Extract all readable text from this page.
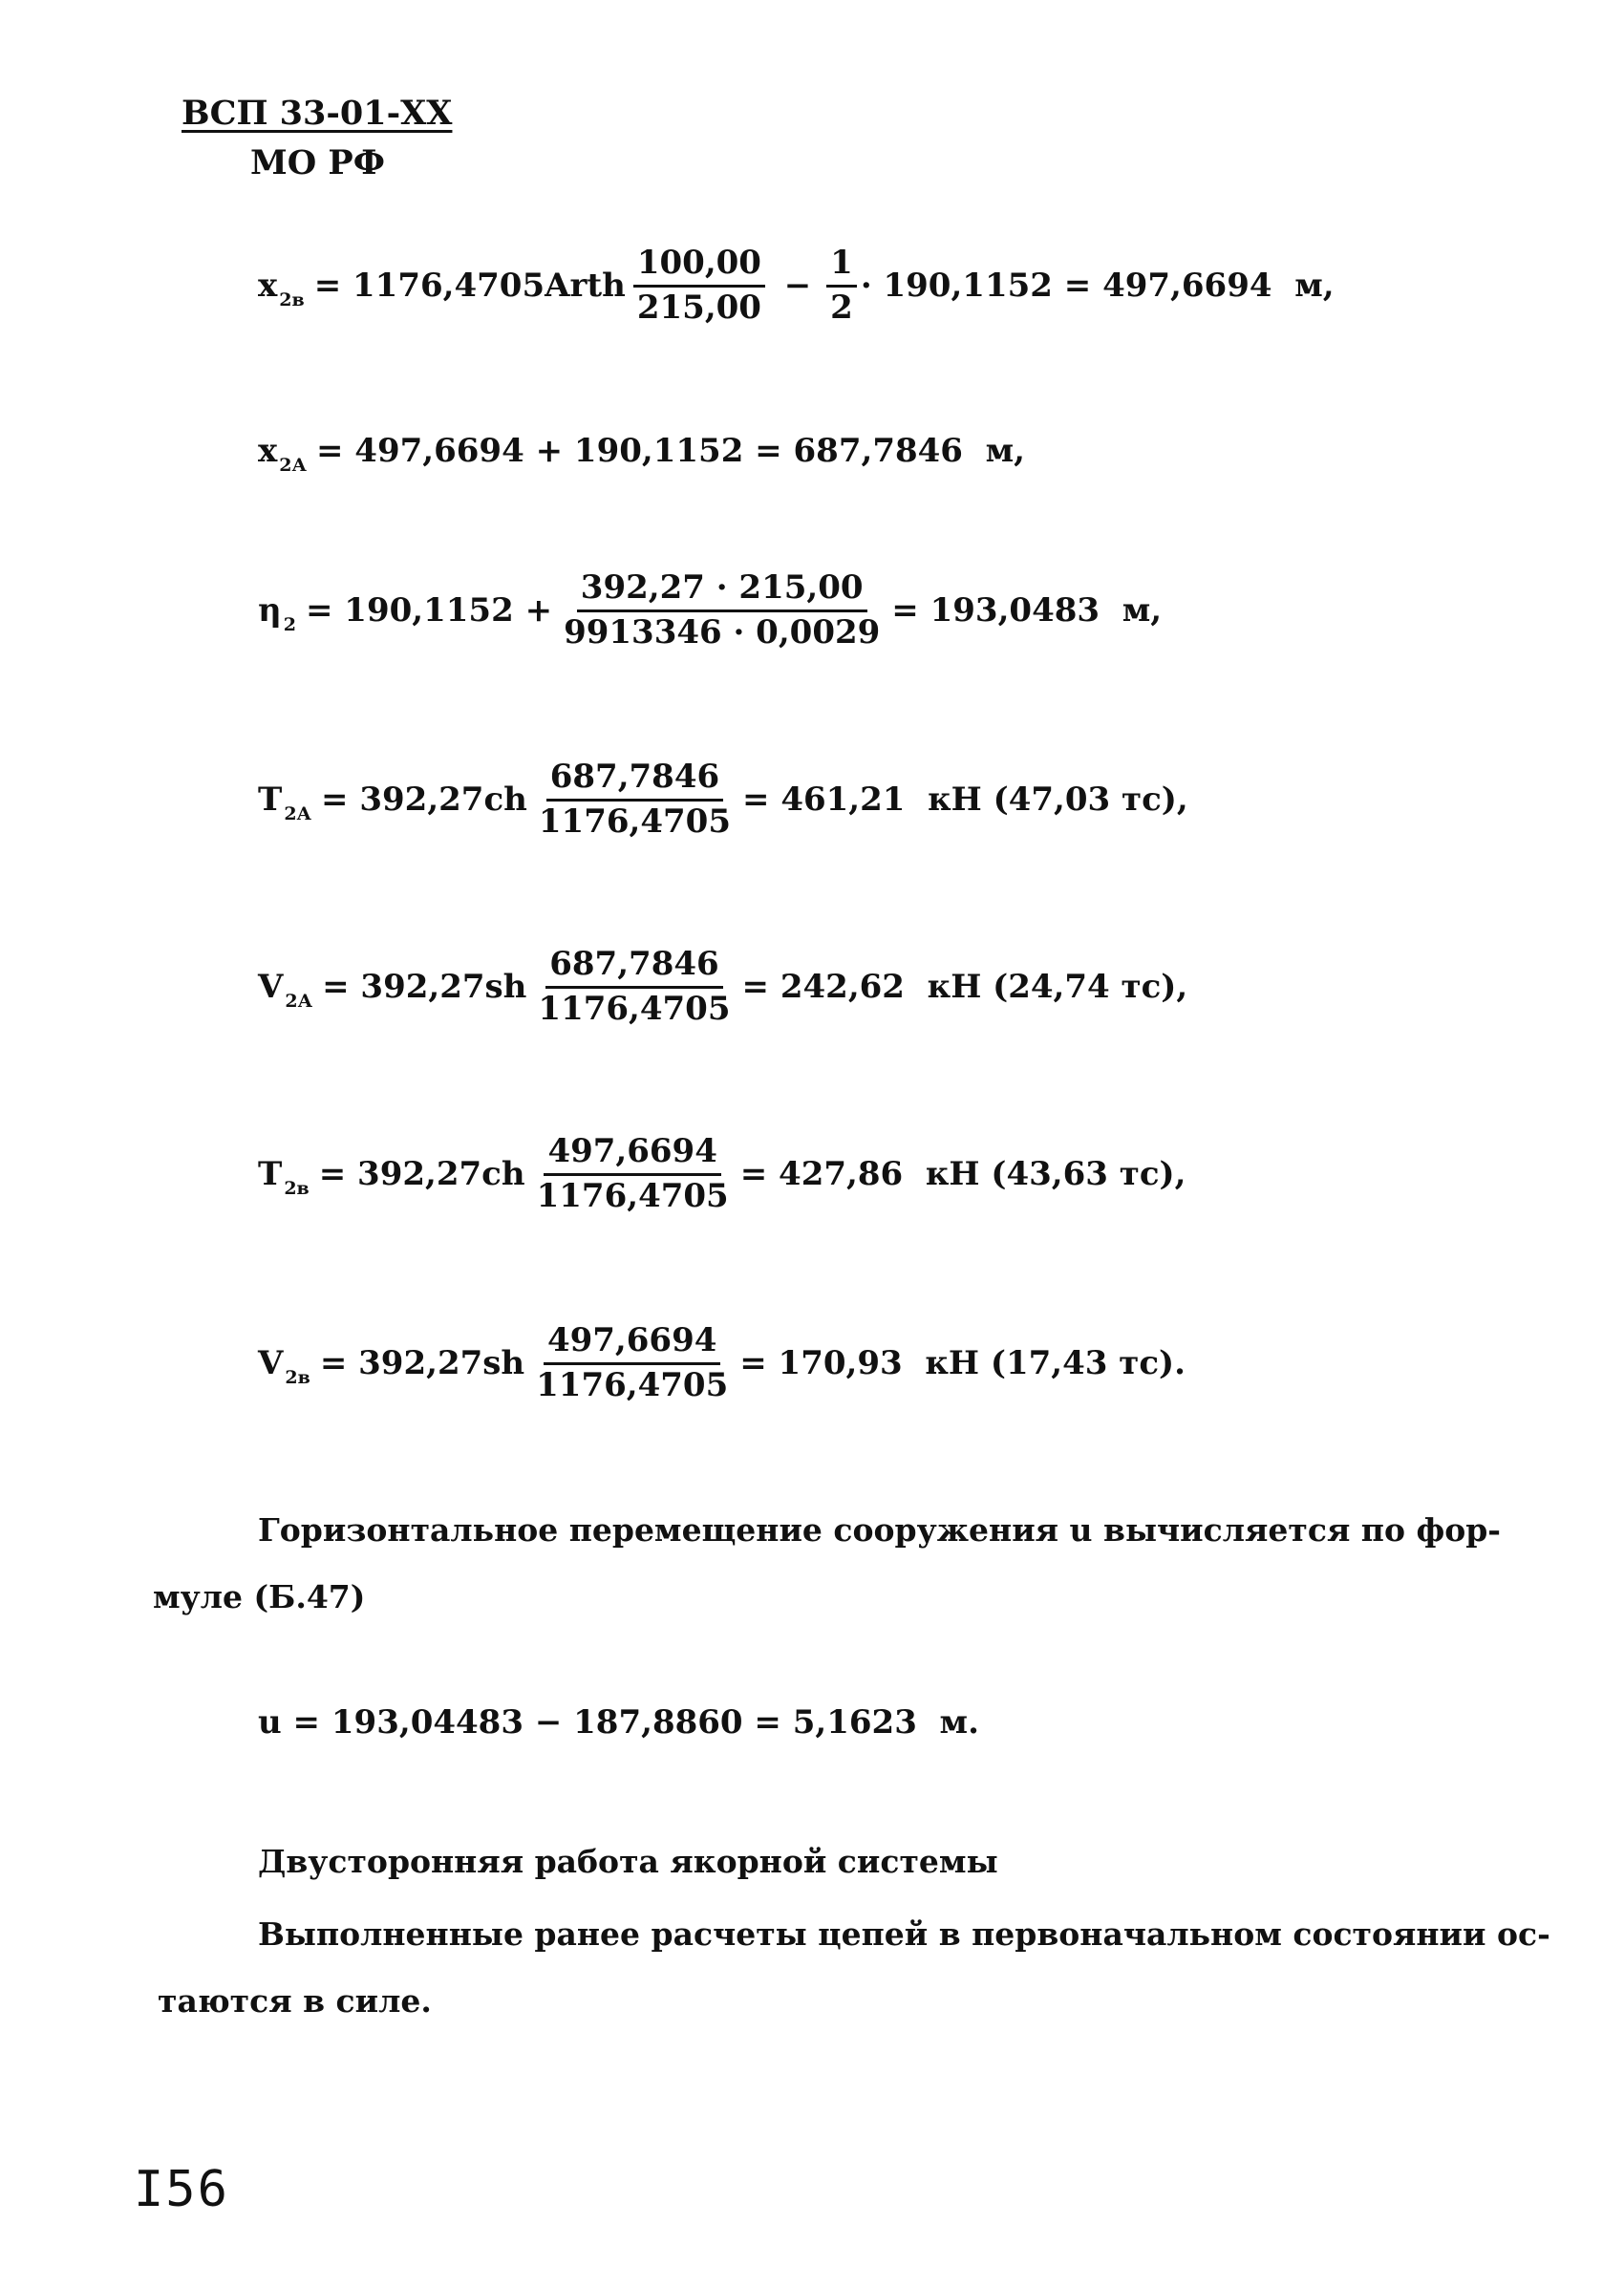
ВСП 33-01-XX
МО РФ
x 2в = 1176,4705Arth $\frac{100,00}{215,00} - \frac{1}{2} \cdot 190,1152 = 497,6694$  м,
x 2А = 497,6694 + 190,1152 = 687,7846  м,
η $2 = 190,1152 + \frac{392,27 \cdot 215,00}{9913346 \cdot 0,0029} = 193,0483$  м,
T $2А = 392,27ch \frac{687,7846}{1176,4705} = 461,21$  кН (47,03 тс),
V $2А = 392,27sh \frac{687,7846}{1176,4705} = 242,62$  кН (24,74 тс),
T $2в = 392,27ch \frac{497,6694}{1176,4705} = 427,86$  кН (43,63 тс),
V $2в = 392,27sh \frac{497,6694}{1176,4705} = 170,93$  кН (17,43 тс).
Горизонтальное перемещение сооружения u вычисляется по фор-
муле (Б.47)
u = 193,04483 − 187,8860 = 5,1623  м.
Двусторонняя работа якорной системы
Выполненные ранее расчеты цепей в первоначальном состоянии ос-
таются в силе.
I56
